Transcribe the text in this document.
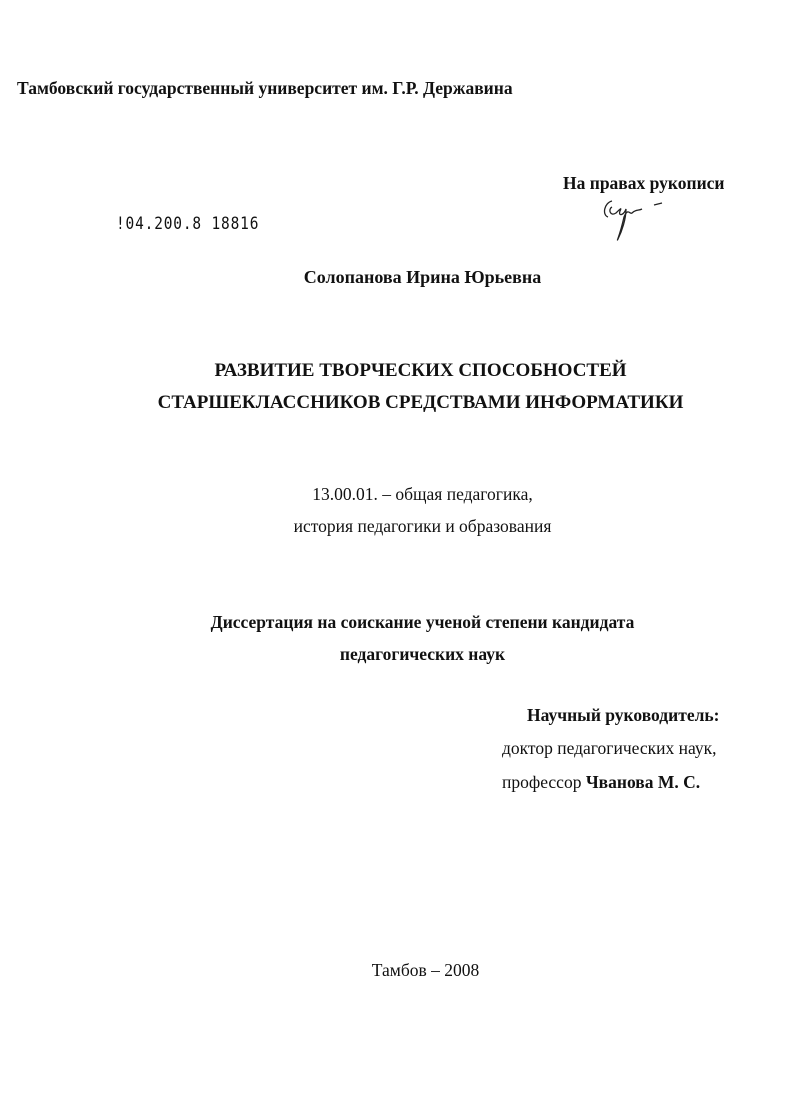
Тамбовский государственный университет им. Г.Р. Державина
На правах рукописи
!04.200.8 18816
Солопанова Ирина Юрьевна
РАЗВИТИЕ ТВОРЧЕСКИХ СПОСОБНОСТЕЙ
СТАРШЕКЛАССНИКОВ СРЕДСТВАМИ ИНФОРМАТИКИ
13.00.01. – общая педагогика,
история педагогики и образования
Диссертация на соискание ученой степени кандидата
педагогических наук
Научный руководитель:
доктор педагогических наук,
профессор Чванова М. С.
Тамбов – 2008
